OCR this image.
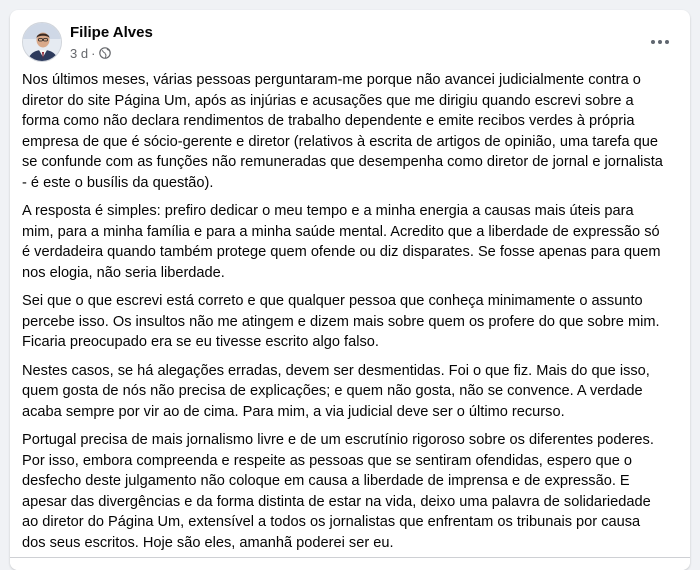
Filipe Alves
3 d ·

Nos últimos meses, várias pessoas perguntaram-me porque não avancei judicialmente contra o
diretor do site Página Um, após as injúrias e acusações que me dirigiu quando escrevi sobre a
forma como não declara rendimentos de trabalho dependente e emite recibos verdes à própria
empresa de que é sócio-gerente e diretor (relativos à escrita de artigos de opinião, uma tarefa que
se confunde com as funções não remuneradas que desempenha como diretor de jornal e jornalista
- é este o busílis da questão).

A resposta é simples: prefiro dedicar o meu tempo e a minha energia a causas mais úteis para
mim, para a minha família e para a minha saúde mental. Acredito que a liberdade de expressão só
é verdadeira quando também protege quem ofende ou diz disparates. Se fosse apenas para quem
nos elogia, não seria liberdade.

Sei que o que escrevi está correto e que qualquer pessoa que conheça minimamente o assunto
percebe isso. Os insultos não me atingem e dizem mais sobre quem os profere do que sobre mim.
Ficaria preocupado era se eu tivesse escrito algo falso.

Nestes casos, se há alegações erradas, devem ser desmentidas. Foi o que fiz. Mais do que isso,
quem gosta de nós não precisa de explicações; e quem não gosta, não se convence. A verdade
acaba sempre por vir ao de cima. Para mim, a via judicial deve ser o último recurso.

Portugal precisa de mais jornalismo livre e de um escrutínio rigoroso sobre os diferentes poderes.
Por isso, embora compreenda e respeite as pessoas que se sentiram ofendidas, espero que o
desfecho deste julgamento não coloque em causa a liberdade de imprensa e de expressão. E
apesar das divergências e da forma distinta de estar na vida, deixo uma palavra de solidariedade
ao diretor do Página Um, extensível a todos os jornalistas que enfrentam os tribunais por causa
dos seus escritos. Hoje são eles, amanhã poderei ser eu.
